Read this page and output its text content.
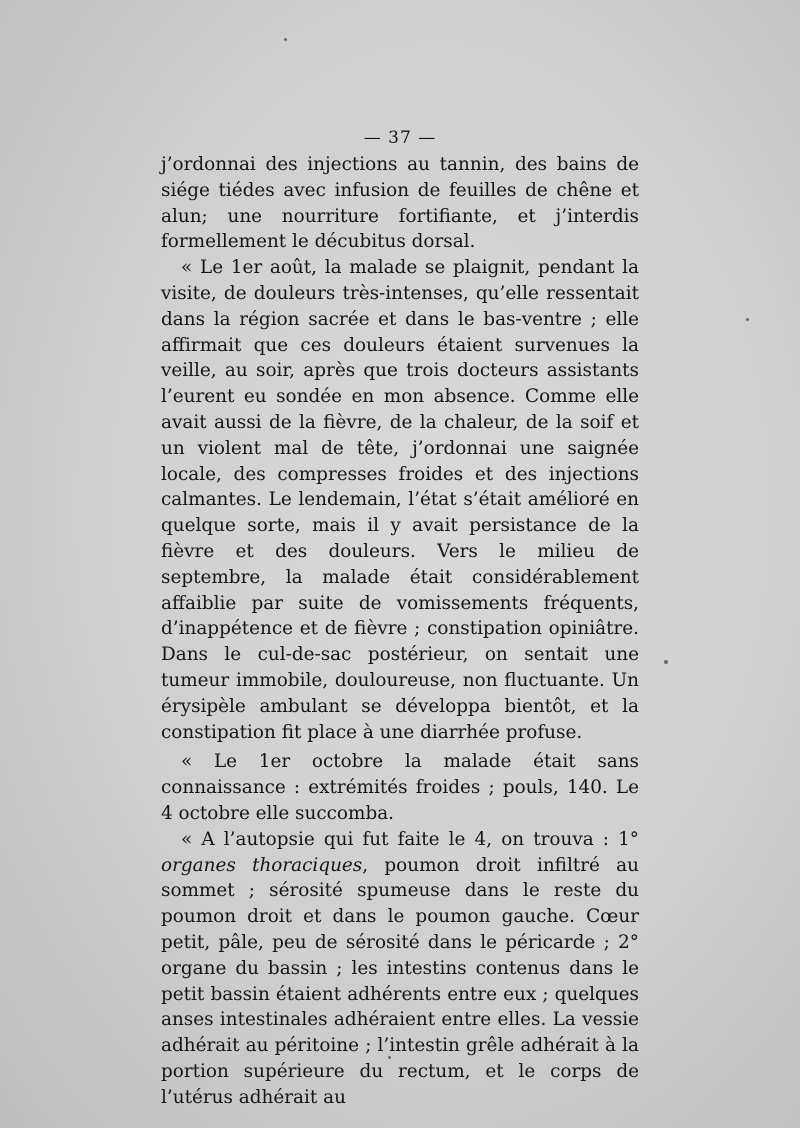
— 37 —

j’ordonnai des injections au tannin, des bains de siége tiédes avec infusion de feuilles de chêne et alun; une nourriture fortifiante, et j’interdis formellement le décubitus dorsal.

« Le 1er août, la malade se plaignit, pendant la visite, de douleurs très-intenses, qu’elle ressentait dans la région sacrée et dans le bas-ventre ; elle affirmait que ces douleurs étaient survenues la veille, au soir, après que trois docteurs assistants l’eurent eu sondée en mon absence. Comme elle avait aussi de la fièvre, de la chaleur, de la soif et un violent mal de tête, j’ordonnai une saignée locale, des compresses froides et des injections calmantes. Le lendemain, l’état s’était amélioré en quelque sorte, mais il y avait persistance de la fièvre et des douleurs. Vers le milieu de septembre, la malade était considérablement affaiblie par suite de vomissements fréquents, d’inappétence et de fièvre ; constipation opiniâtre. Dans le cul-de-sac postérieur, on sentait une tumeur immobile, douloureuse, non fluctuante. Un érysipèle ambulant se développa bientôt, et la constipation fit place à une diarrhée profuse.

« Le 1er octobre la malade était sans connaissance : extrémités froides ; pouls, 140. Le 4 octobre elle succomba.

« A l’autopsie qui fut faite le 4, on trouva : 1° organes thoraciques, poumon droit infiltré au sommet ; sérosité spumeuse dans le reste du poumon droit et dans le poumon gauche. Cœur petit, pâle, peu de sérosité dans le péricarde ; 2° organe du bassin ; les intestins contenus dans le petit bassin étaient adhérents entre eux ; quelques anses intestinales adhéraient entre elles. La vessie adhérait au péritoine ; l’intestin grêle adhérait à la portion supérieure du rectum, et le corps de l’utérus adhérait au
